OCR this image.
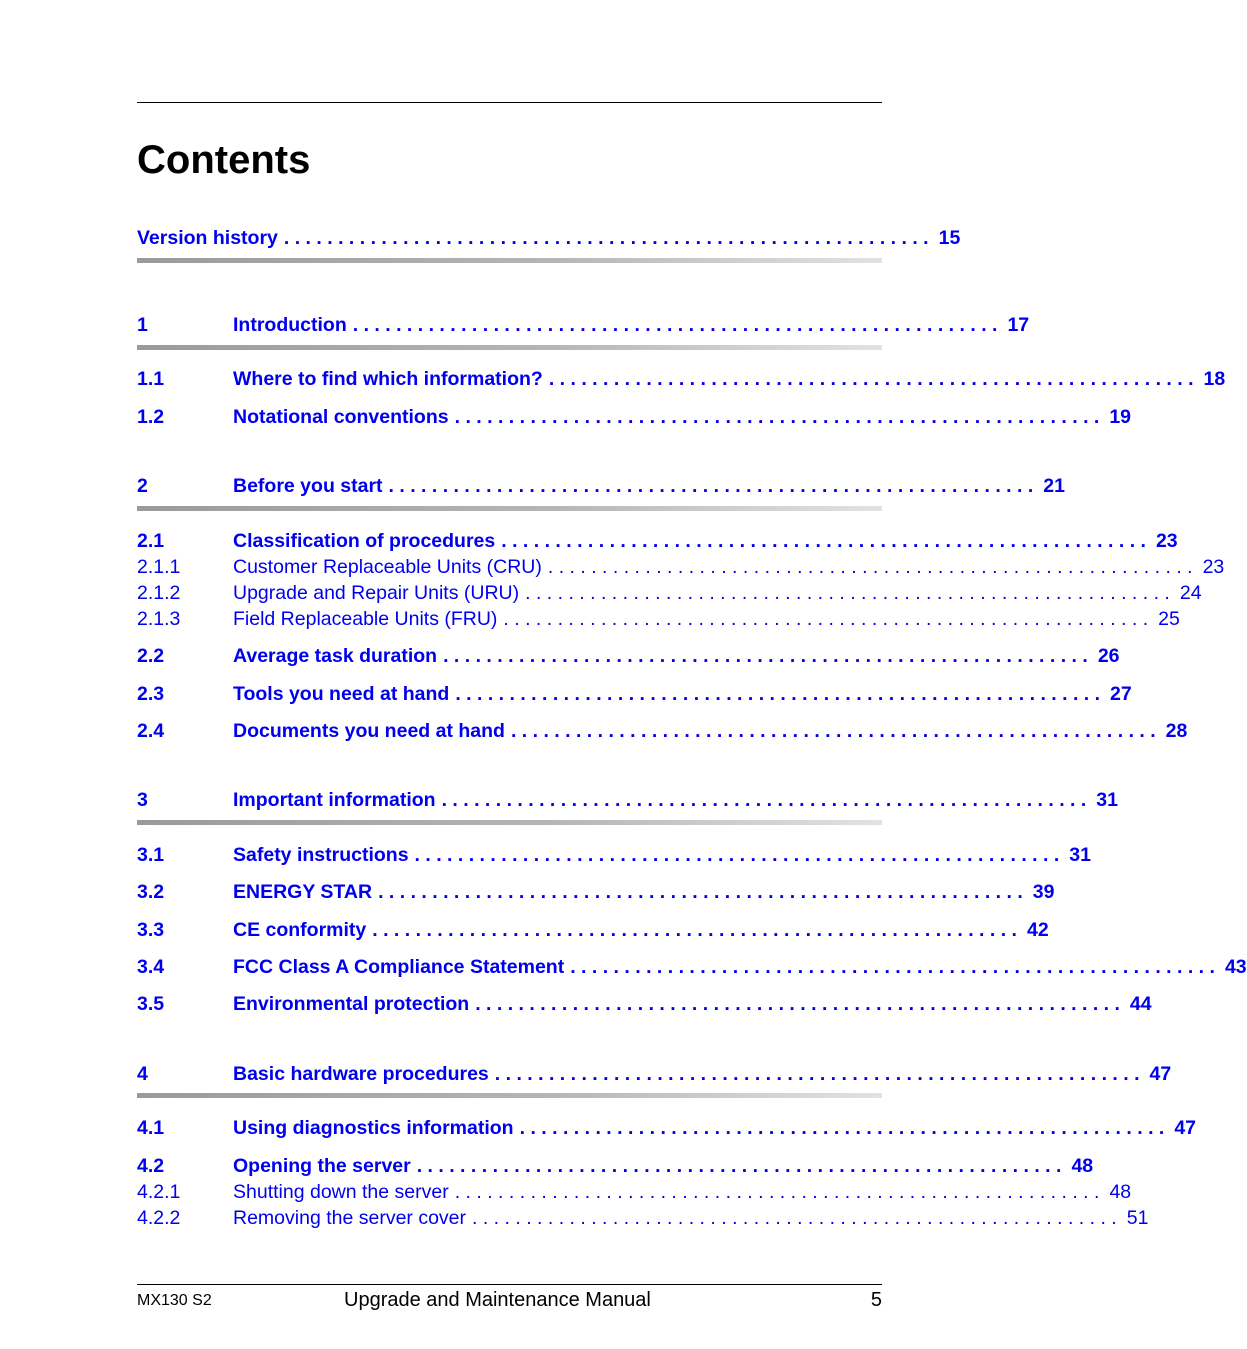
Contents
Version history . . . . . . . . . . . . . . . . . . . . . . . . . . . . . . . . . . . . . . . . . . . . . . . . . . . . . . . . . . . . 15
1	Introduction . . . . . . . . . . . . . . . . . . . . . . . . . . . . . . . . . . . . . . . . . . . . . . . . . . . . . . . . . . . . 17
1.1	Where to find which information? . . . . . . . . . . . . . . . . . . . . . . . . . . . . . . . . . . . . . . . . . . . . . . . . . . . . . . . . . . . . 18
1.2	Notational conventions . . . . . . . . . . . . . . . . . . . . . . . . . . . . . . . . . . . . . . . . . . . . . . . . . . . . . . . . . . . . 19
2	Before you start . . . . . . . . . . . . . . . . . . . . . . . . . . . . . . . . . . . . . . . . . . . . . . . . . . . . . . . . . . . . 21
2.1	Classification of procedures . . . . . . . . . . . . . . . . . . . . . . . . . . . . . . . . . . . . . . . . . . . . . . . . . . . . . . . . . . . . 23
2.1.1	Customer Replaceable Units (CRU) . . . . . . . . . . . . . . . . . . . . . . . . . . . . . . . . . . . . . . . . . . . . . . . . . . . . . . . . . . . . 23
2.1.2	Upgrade and Repair Units (URU) . . . . . . . . . . . . . . . . . . . . . . . . . . . . . . . . . . . . . . . . . . . . . . . . . . . . . . . . . . . . 24
2.1.3	Field Replaceable Units (FRU) . . . . . . . . . . . . . . . . . . . . . . . . . . . . . . . . . . . . . . . . . . . . . . . . . . . . . . . . . . . . 25
2.2	Average task duration . . . . . . . . . . . . . . . . . . . . . . . . . . . . . . . . . . . . . . . . . . . . . . . . . . . . . . . . . . . . 26
2.3	Tools you need at hand . . . . . . . . . . . . . . . . . . . . . . . . . . . . . . . . . . . . . . . . . . . . . . . . . . . . . . . . . . . . 27
2.4	Documents you need at hand . . . . . . . . . . . . . . . . . . . . . . . . . . . . . . . . . . . . . . . . . . . . . . . . . . . . . . . . . . . . 28
3	Important information . . . . . . . . . . . . . . . . . . . . . . . . . . . . . . . . . . . . . . . . . . . . . . . . . . . . . . . . . . . . 31
3.1	Safety instructions . . . . . . . . . . . . . . . . . . . . . . . . . . . . . . . . . . . . . . . . . . . . . . . . . . . . . . . . . . . . 31
3.2	ENERGY STAR . . . . . . . . . . . . . . . . . . . . . . . . . . . . . . . . . . . . . . . . . . . . . . . . . . . . . . . . . . . . 39
3.3	CE conformity . . . . . . . . . . . . . . . . . . . . . . . . . . . . . . . . . . . . . . . . . . . . . . . . . . . . . . . . . . . . 42
3.4	FCC Class A Compliance Statement . . . . . . . . . . . . . . . . . . . . . . . . . . . . . . . . . . . . . . . . . . . . . . . . . . . . . . . . . . . . 43
3.5	Environmental protection . . . . . . . . . . . . . . . . . . . . . . . . . . . . . . . . . . . . . . . . . . . . . . . . . . . . . . . . . . . . 44
4	Basic hardware procedures . . . . . . . . . . . . . . . . . . . . . . . . . . . . . . . . . . . . . . . . . . . . . . . . . . . . . . . . . . . . 47
4.1	Using diagnostics information . . . . . . . . . . . . . . . . . . . . . . . . . . . . . . . . . . . . . . . . . . . . . . . . . . . . . . . . . . . . 47
4.2	Opening the server . . . . . . . . . . . . . . . . . . . . . . . . . . . . . . . . . . . . . . . . . . . . . . . . . . . . . . . . . . . . 48
4.2.1	Shutting down the server . . . . . . . . . . . . . . . . . . . . . . . . . . . . . . . . . . . . . . . . . . . . . . . . . . . . . . . . . . . . 48
4.2.2	Removing the server cover . . . . . . . . . . . . . . . . . . . . . . . . . . . . . . . . . . . . . . . . . . . . . . . . . . . . . . . . . . . . 51
MX130 S2	Upgrade and Maintenance Manual	5
